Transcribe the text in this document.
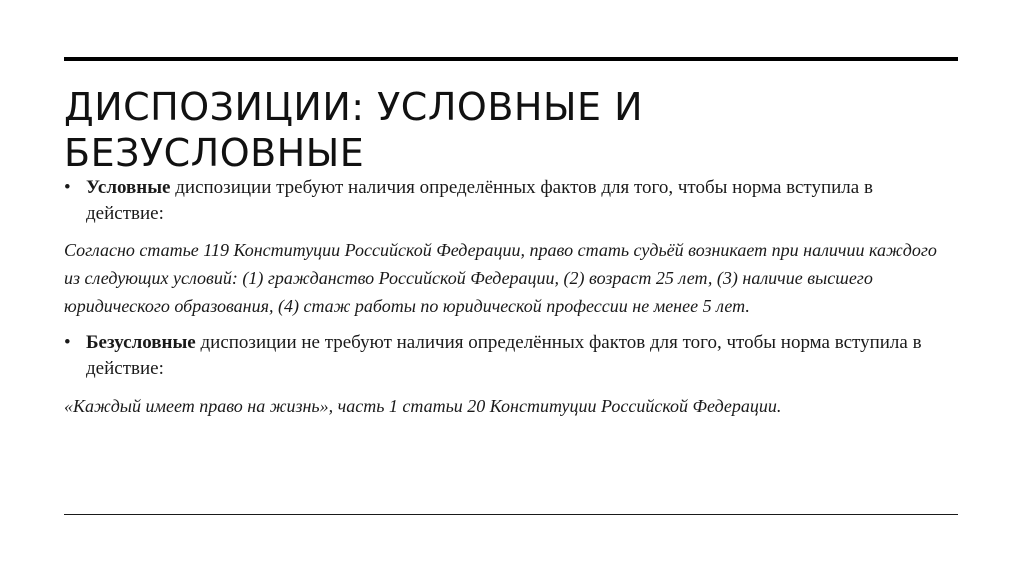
ДИСПОЗИЦИИ: УСЛОВНЫЕ И БЕЗУСЛОВНЫЕ

• Условные диспозиции требуют наличия определённых фактов для того, чтобы норма вступила в действие:

Согласно статье 119 Конституции Российской Федерации, право стать судьёй возникает при наличии каждого из следующих условий: (1) гражданство Российской Федерации, (2) возраст 25 лет, (3) наличие высшего юридического образования, (4) стаж работы по юридической профессии не менее 5 лет.

• Безусловные диспозиции не требуют наличия определённых фактов для того, чтобы норма вступила в действие:

«Каждый имеет право на жизнь», часть 1 статьи 20 Конституции Российской Федерации.
